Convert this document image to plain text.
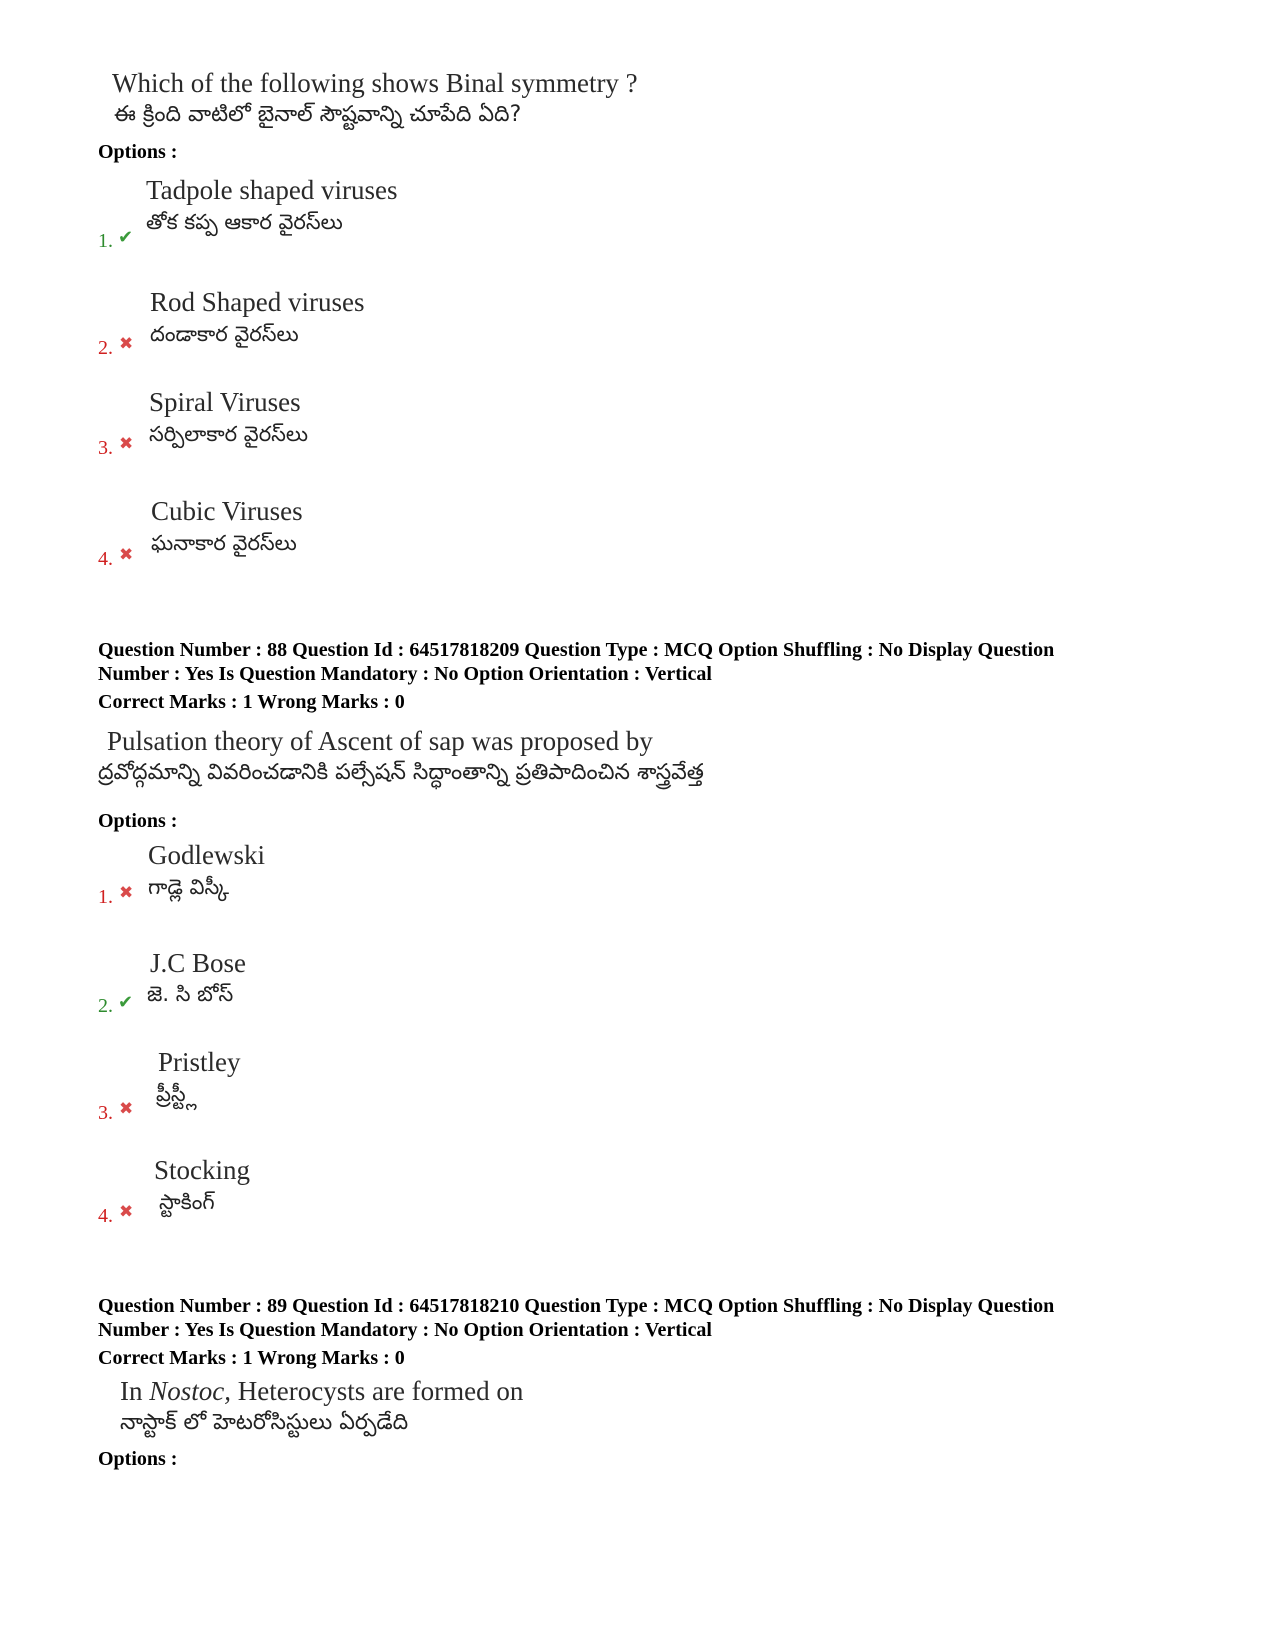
Which of the following shows Binal symmetry ?
ఈ క్రింది వాటిలో బైనాల్ సౌష్టవాన్ని చూపేది ఏది?
Options :
Tadpole shaped viruses
తోక కప్ప ఆకార వైరస్‌లు
1. ✔
Rod Shaped viruses
దండాకార వైరస్‌లు
2. ✖
Spiral Viruses
సర్పిలాకార వైరస్‌లు
3. ✖
Cubic Viruses
ఘనాకార వైరస్‌లు
4. ✖
Question Number : 88 Question Id : 64517818209 Question Type : MCQ Option Shuffling : No Display Question
Number : Yes Is Question Mandatory : No Option Orientation : Vertical
Correct Marks : 1 Wrong Marks : 0
Pulsation theory of Ascent of sap was proposed by
ద్రవోద్గమాన్ని వివరించడానికి పల్సేషన్ సిద్ధాంతాన్ని ప్రతిపాదించిన శాస్త్రవేత్త
Options :
Godlewski
గాడ్లె విస్కీ
1. ✖
J.C Bose
జె. సి బోస్
2. ✔
Pristley
ప్రీస్ట్లీ
3. ✖
Stocking
స్టాకింగ్
4. ✖
Question Number : 89 Question Id : 64517818210 Question Type : MCQ Option Shuffling : No Display Question
Number : Yes Is Question Mandatory : No Option Orientation : Vertical
Correct Marks : 1 Wrong Marks : 0
In Nostoc, Heterocysts are formed on
నాస్టాక్ లో హెటరోసిస్టులు ఏర్పడేది
Options :
